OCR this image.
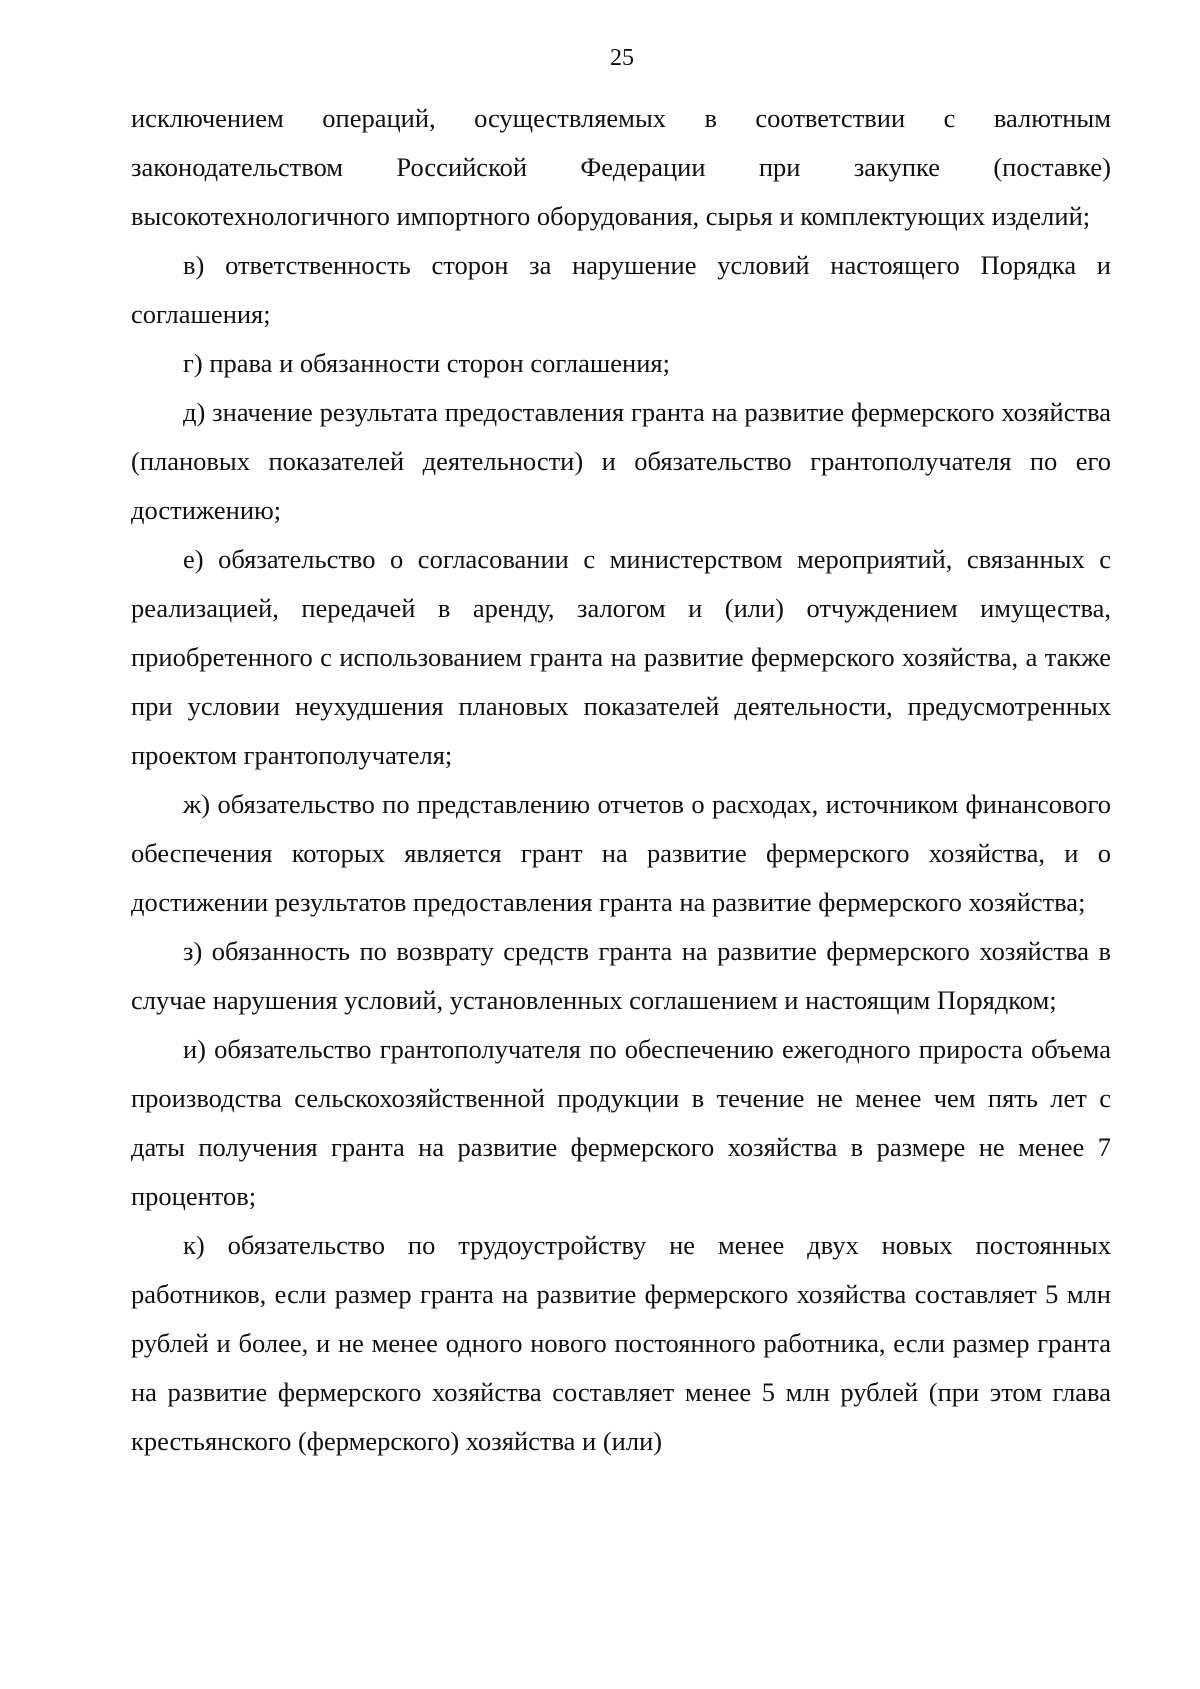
25

исключением операций, осуществляемых в соответствии с валютным законодательством Российской Федерации при закупке (поставке) высокотехнологичного импортного оборудования, сырья и комплектующих изделий;

в) ответственность сторон за нарушение условий настоящего Порядка и соглашения;

г) права и обязанности сторон соглашения;

д) значение результата предоставления гранта на развитие фермерского хозяйства (плановых показателей деятельности) и обязательство грантополучателя по его достижению;

е) обязательство о согласовании с министерством мероприятий, связанных с реализацией, передачей в аренду, залогом и (или) отчуждением имущества, приобретенного с использованием гранта на развитие фермерского хозяйства, а также при условии неухудшения плановых показателей деятельности, предусмотренных проектом грантополучателя;

ж) обязательство по представлению отчетов о расходах, источником финансового обеспечения которых является грант на развитие фермерского хозяйства, и о достижении результатов предоставления гранта на развитие фермерского хозяйства;

з) обязанность по возврату средств гранта на развитие фермерского хозяйства в случае нарушения условий, установленных соглашением и настоящим Порядком;

и) обязательство грантополучателя по обеспечению ежегодного прироста объема производства сельскохозяйственной продукции в течение не менее чем пять лет с даты получения гранта на развитие фермерского хозяйства в размере не менее 7 процентов;

к) обязательство по трудоустройству не менее двух новых постоянных работников, если размер гранта на развитие фермерского хозяйства составляет 5 млн рублей и более, и не менее одного нового постоянного работника, если размер гранта на развитие фермерского хозяйства составляет менее 5 млн рублей (при этом глава крестьянского (фермерского) хозяйства и (или)
